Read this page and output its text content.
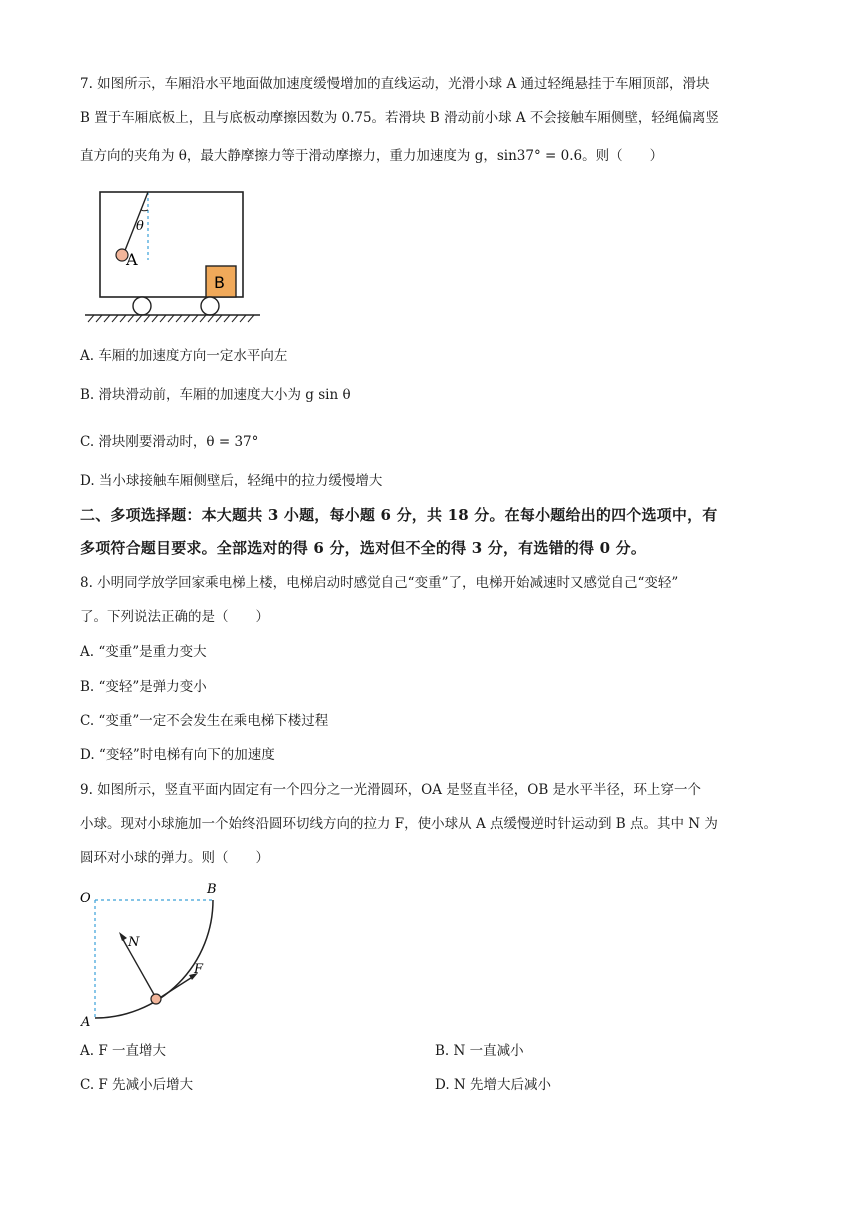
7. 如图所示，车厢沿水平地面做加速度缓慢增加的直线运动，光滑小球 A 通过轻绳悬挂于车厢顶部，滑块
B 置于车厢底板上，且与底板动摩擦因数为 0.75。若滑块 B 滑动前小球 A 不会接触车厢侧壁，轻绳偏离竖
直方向的夹角为 θ，最大静摩擦力等于滑动摩擦力，重力加速度为 g，sin37° = 0.6。则（　　）
θ
A
B
A. 车厢的加速度方向一定水平向左
B. 滑块滑动前，车厢的加速度大小为 g sin θ
C. 滑块刚要滑动时，θ = 37°
D. 当小球接触车厢侧壁后，轻绳中的拉力缓慢增大
二、多项选择题：本大题共 3 小题，每小题 6 分，共 18 分。在每小题给出的四个选项中，有
多项符合题目要求。全部选对的得 6 分，选对但不全的得 3 分，有选错的得 0 分。
8. 小明同学放学回家乘电梯上楼，电梯启动时感觉自己“变重”了，电梯开始减速时又感觉自己“变轻”
了。下列说法正确的是（　　）
A. “变重”是重力变大
B. “变轻”是弹力变小
C. “变重”一定不会发生在乘电梯下楼过程
D. “变轻”时电梯有向下的加速度
9. 如图所示，竖直平面内固定有一个四分之一光滑圆环，OA 是竖直半径，OB 是水平半径，环上穿一个
小球。现对小球施加一个始终沿圆环切线方向的拉力 F，使小球从 A 点缓慢逆时针运动到 B 点。其中 N 为
圆环对小球的弹力。则（　　）
O
A
B
N
F
A. F 一直增大	B. N 一直减小
C. F 先减小后增大	D. N 先增大后减小
